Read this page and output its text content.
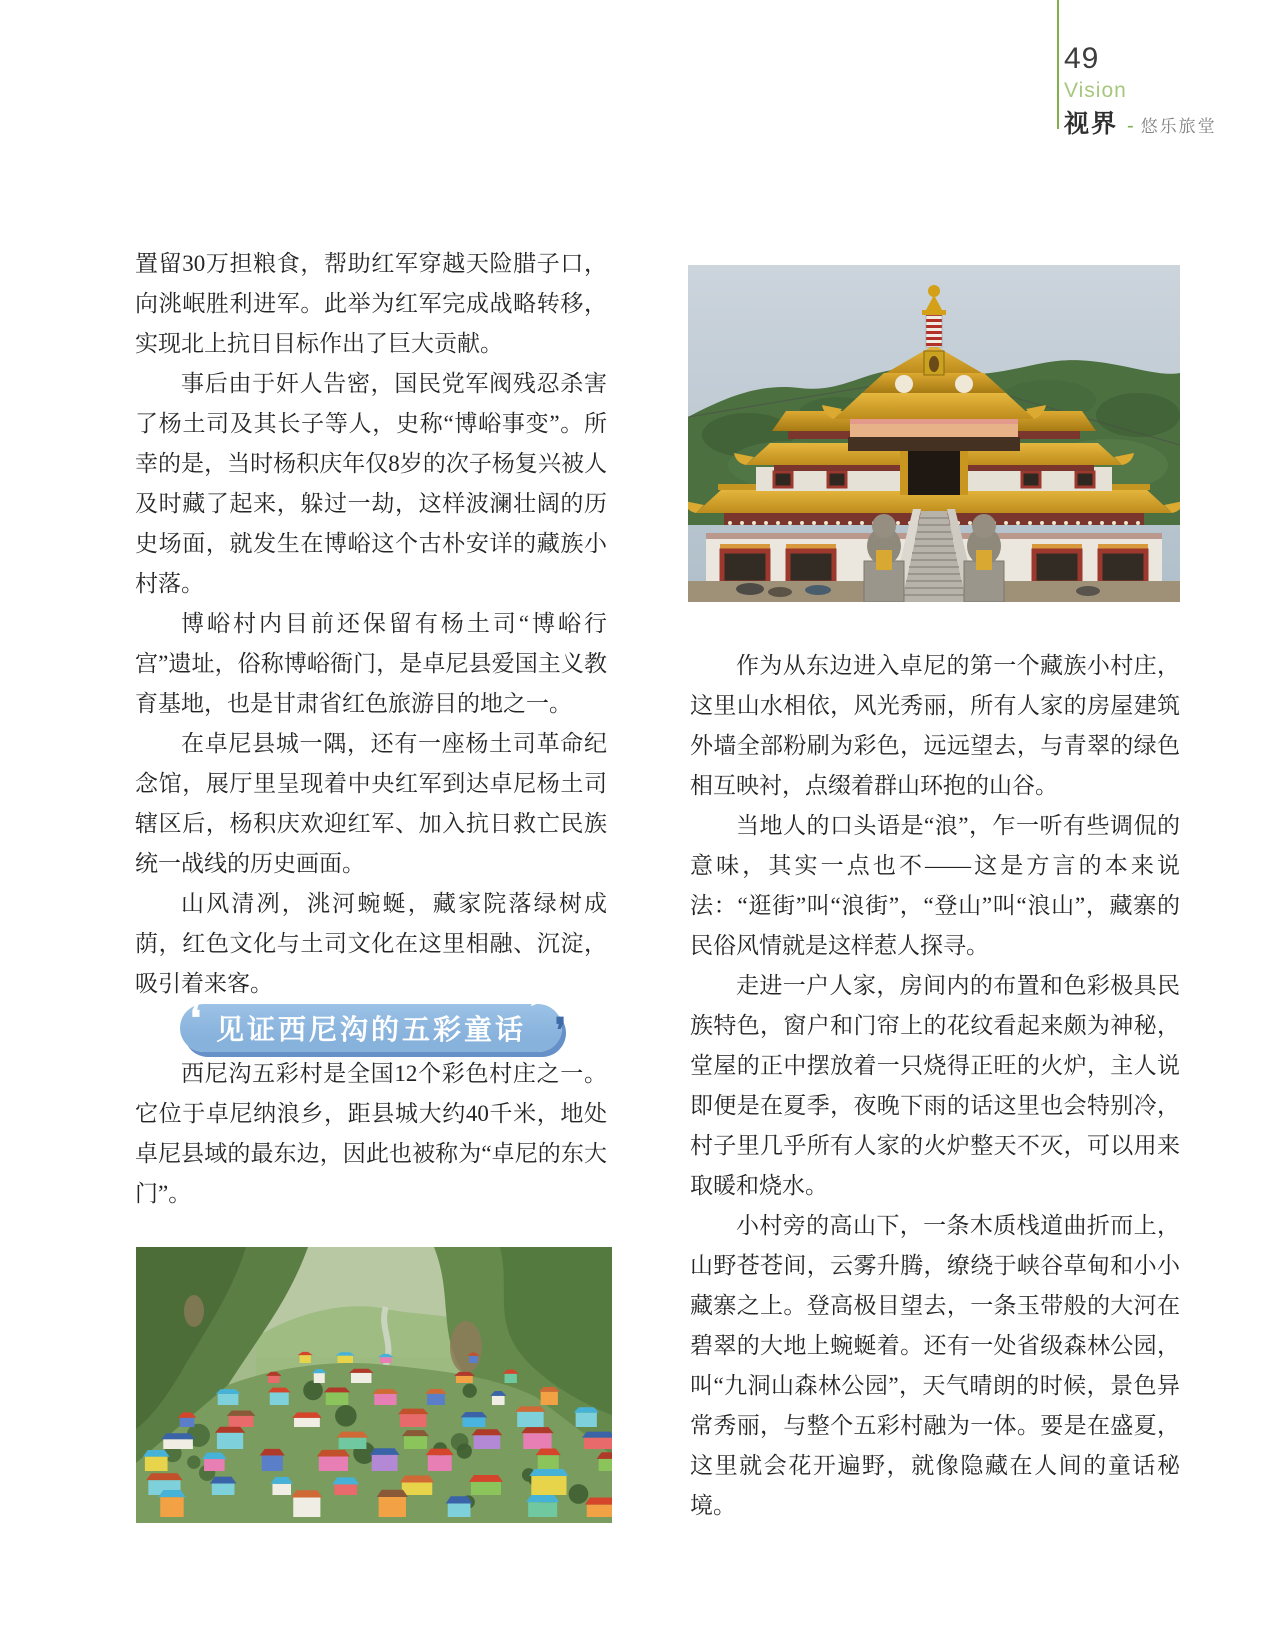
49
Vision
视界 - 悠乐旅堂

置留30万担粮食，帮助红军穿越天险腊子口，向洮岷胜利进军。此举为红军完成战略转移，实现北上抗日目标作出了巨大贡献。

事后由于奸人告密，国民党军阀残忍杀害了杨土司及其长子等人，史称“博峪事变”。所幸的是，当时杨积庆年仅8岁的次子杨复兴被人及时藏了起来，躲过一劫，这样波澜壮阔的历史场面，就发生在博峪这个古朴安详的藏族小村落。

博峪村内目前还保留有杨土司“博峪行宫”遗址，俗称博峪衙门，是卓尼县爱国主义教育基地，也是甘肃省红色旅游目的地之一。

在卓尼县城一隅，还有一座杨土司革命纪念馆，展厅里呈现着中央红军到达卓尼杨土司辖区后，杨积庆欢迎红军、加入抗日救亡民族统一战线的历史画面。

山风清冽，洮河蜿蜒，藏家院落绿树成荫，红色文化与土司文化在这里相融、沉淀，吸引着来客。

❛ 见证西尼沟的五彩童话
〞
❜

西尼沟五彩村是全国12个彩色村庄之一。它位于卓尼纳浪乡，距县城大约40千米，地处卓尼县域的最东边，因此也被称为“卓尼的东大门”。

作为从东边进入卓尼的第一个藏族小村庄，这里山水相依，风光秀丽，所有人家的房屋建筑外墙全部粉刷为彩色，远远望去，与青翠的绿色相互映衬，点缀着群山环抱的山谷。

当地人的口头语是“浪”，乍一听有些调侃的意味，其实一点也不——这是方言的本来说法：“逛街”叫“浪街”，“登山”叫“浪山”，藏寨的民俗风情就是这样惹人探寻。

走进一户人家，房间内的布置和色彩极具民族特色，窗户和门帘上的花纹看起来颇为神秘，堂屋的正中摆放着一只烧得正旺的火炉，主人说即便是在夏季，夜晚下雨的话这里也会特别冷，村子里几乎所有人家的火炉整天不灭，可以用来取暖和烧水。

小村旁的高山下，一条木质栈道曲折而上，山野苍苍间，云雾升腾，缭绕于峡谷草甸和小小藏寨之上。登高极目望去，一条玉带般的大河在碧翠的大地上蜿蜒着。还有一处省级森林公园，叫“九洞山森林公园”，天气晴朗的时候，景色异常秀丽，与整个五彩村融为一体。要是在盛夏，这里就会花开遍野，就像隐藏在人间的童话秘境。
